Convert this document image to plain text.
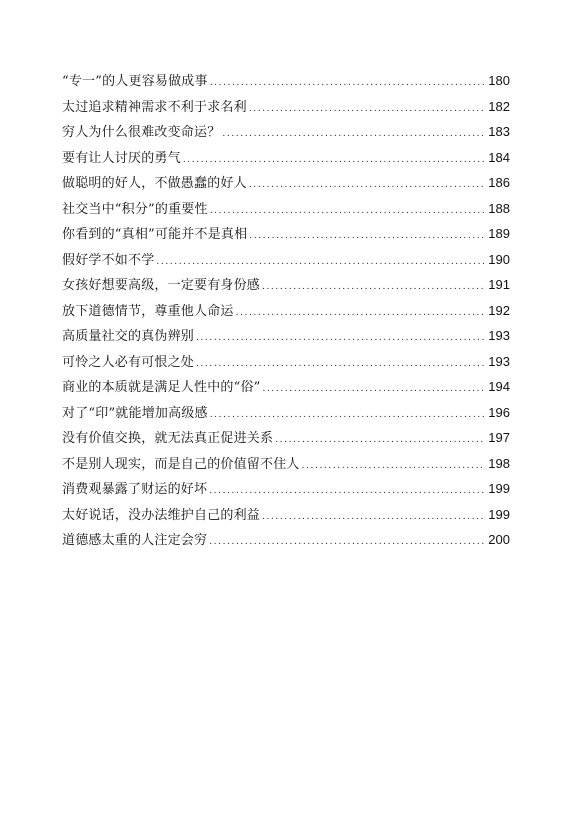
“专一”的人更容易做成事 .....	180
太过追求精神需求不利于求名利 .....	182
穷人为什么很难改变命运？ .....	183
要有让人讨厌的勇气 .....	184
做聪明的好人，不做愚蠢的好人 .....	186
社交当中“积分”的重要性 .....	188
你看到的“真相”可能并不是真相 .....	189
假好学不如不学 .....	190
女孩好想要高级，一定要有身份感 .....	191
放下道德情节，尊重他人命运 .....	192
高质量社交的真伪辨别 .....	193
可怜之人必有可恨之处 .....	193
商业的本质就是满足人性中的“俗” .....	194
对了“印”就能增加高级感 .....	196
没有价值交换，就无法真正促进关系 .....	197
不是别人现实，而是自己的价值留不住人 .....	198
消费观暴露了财运的好坏 .....	199
太好说话，没办法维护自己的利益 .....	199
道德感太重的人注定会穷 .....	200
